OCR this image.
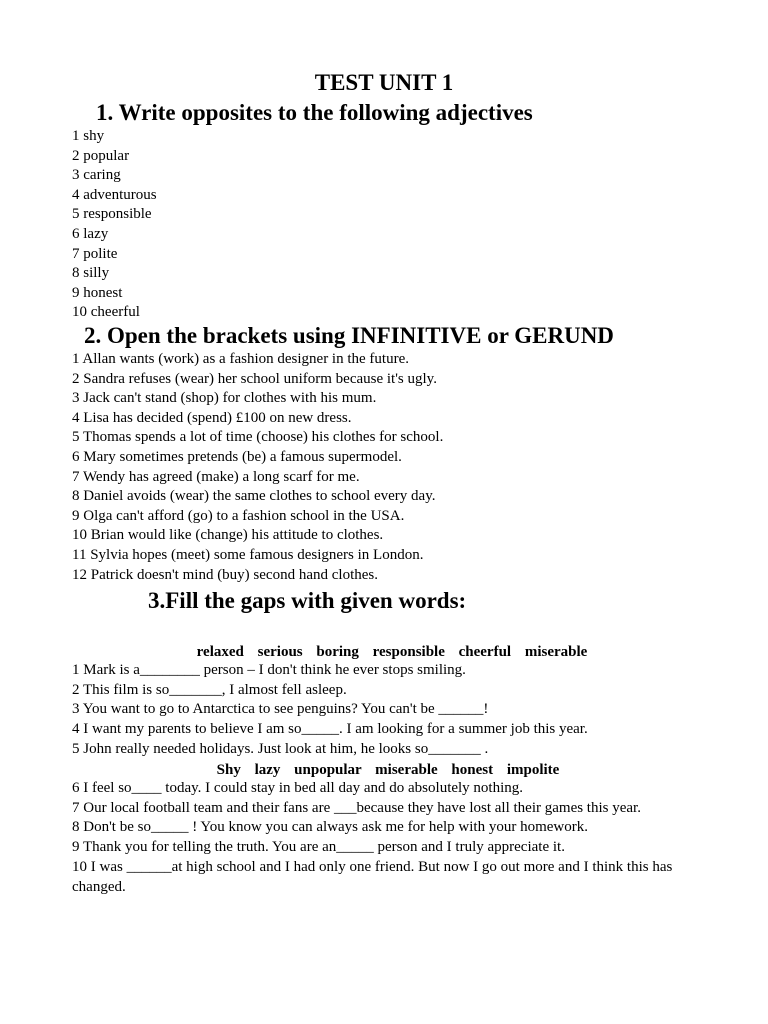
TEST UNIT 1
1. Write opposites to the following adjectives
1 shy
2 popular
3 caring
4 adventurous
5 responsible
6 lazy
7 polite
8 silly
9 honest
10 cheerful
2. Open the brackets using INFINITIVE or GERUND
1 Allan wants (work) as a fashion designer in the future.
2 Sandra refuses (wear) her school uniform because it's ugly.
3 Jack can't stand (shop) for clothes with his mum.
4 Lisa has decided (spend) £100 on new dress.
5 Thomas spends a lot of time (choose) his clothes for school.
6 Mary sometimes pretends (be) a famous supermodel.
7 Wendy has agreed (make) a long scarf for me.
8 Daniel avoids (wear) the same clothes to school every day.
9 Olga can't afford (go) to a fashion school in the USA.
10 Brian would like (change) his attitude to clothes.
11 Sylvia hopes (meet) some famous designers in London.
12 Patrick doesn't mind (buy) second hand clothes.
3.Fill the gaps with given words:
relaxed serious boring responsible cheerful miserable
1 Mark is a________ person – I don't think he ever stops smiling.
2 This film is so_______, I almost fell asleep.
3 You want to go to Antarctica to see penguins? You can't be ______!
4 I want my parents to believe I am so_____. I am looking for a summer job this year.
5 John really needed holidays. Just look at him, he looks so_______ .
Shy lazy unpopular miserable honest impolite
6 I feel so____ today. I could stay in bed all day and do absolutely nothing.
7 Our local football team and their fans are ___because they have lost all their games this year.
8 Don't be so_____ ! You know you can always ask me for help with your homework.
9 Thank you for telling the truth. You are an_____ person and I truly appreciate it.
10 I was ______at high school and I had only one friend. But now I go out more and I think this has changed.
